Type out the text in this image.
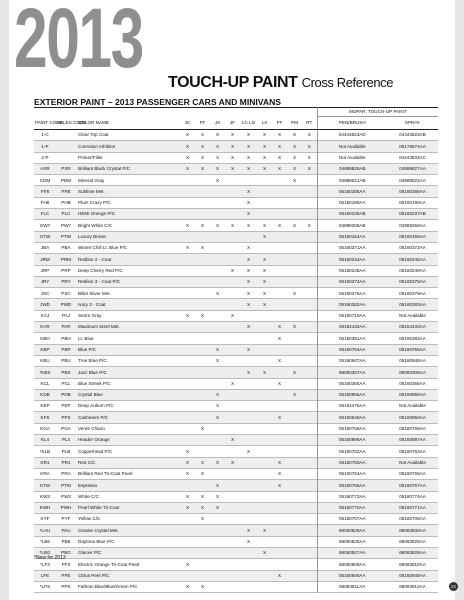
2013 TOUCH-UP PAINT Cross Reference
EXTERIOR PAINT – 2013 PASSENGER CARS AND MINIVANS
												MOPAR, TOUCH-UP PAINT	
PAINT CODE	SALES CODE	COLOR NAME	JC	FF	JS	JF	LC LD	LX	FF	PM	RT	PEN/BRUSH	SPRAY
1-C		Clear Top Coat	X	X	X	X	X	X	X	X	X	04443623AD	04443623AB
1-P		Corrosion Inhibitor	X	X	X	X	X	X	X	X	X	Not Available	05178874AA
2-P		Primer/Filler	X	X	X	X	X	X	X	X	X	Not Available	04443633AC
AXR	PXR	Brilliant Black Crystal P/C	X	X	X	X	X	X	X	X	X	04889826AB	04889827AA
CDM	PDM	Mineral Gray			X					X		04889021AB	04889022AA
FF8	PFB	Sublime Met.					X					05160385AA	05160386AA
FH8	PHB	Plum Crazy P/C					X					05160189AA	05160190AA
FLC	PLC	HEMI Orange P/C					X					05160236AB	05160237AB
GW7	PW7	Bright White C/C	X	X	X	X	X	X	X	X	X	04889258AB	04889259AA
GTW	PTW	Luxury Brown						X				05160154AA	05160155AA
JBA	PBA	Winter Chill Lt. Blue P/C	X	X			X					05160371AA	05160372AA
JRM	PRM	Redline 2 - Coat					X	X				05160244AA	05160245AA
JRP	PRP	Deep Cherry Red P/C				X	X	X				05160248AA	05160249AA
JRY	PRY	Redline 3 - Coat P/C					X	X				05160374AA	05160375AA
JSC	PSC	Billet Silver Met.			X		X	X		X		05160378AA	05160379AA
JWD	PWD	Ivory 3 - Coat					X	X				05160382AA	05160383AA
KAJ	PAJ	Storm Gray	X	X		X						05160710AA	Not Available
KAR	PAR	Maximum Steel Met.					X		X	X		06154432AA	06154433AA
KBH	PBH	Lt. Blue							X			05160381AA	05160383AA
KBP	PBP	Blue P/C			X		X					05160754AA	05160755AA
KBU	PBU	True Blue P/C			X				X			05160947AA	05160948AA
*KBX	PBX	Jazz Blue P/C					X	X		X		68093307AA	68093308AA
KCL	PCL	Blue Streak P/C				X			X			05160365AA	05160366AA
KDB	PDB	Crystal Blue			X					X		05160955AA	05160956AA
KEP	PEP	Deep Auburn P/C			X							06154475AA	Not Available
KFS	PFS	Cashmere P/C			X				X			05160949AA	05160950AA
KGA	PGA	Verde Chiaro		X								05160758AA	05160759AA
KL4	PL4	Header Orange				X						05160996AA	05160997AA
*KLB	PLB	Copperhead P/C	X				X					05160762AA	05160763AA
KR1	PR1	Red C/C	X	X	X	X			X			05160760AA	Not Available
KRA	PRA	Brilliant Red Tri-Coat Pearl	X	X					X			05160764AA	05160765AA
KTM	PTM	Espresso			X				X			05160766AA	05160767AA
KW3	PW3	White C/C	X	X	X							05160772AA	05160774AA
KWH	PWH	Pearl White Tri-Coat	X	X	X							05160770AA	05160771AA
KYF	PYF	Yellow C/C		X								05160707AA	05160708AA
*LAU	PAU	Granite Crystal Met.					X	X				68093829AA	68093830AA
*LB6	PB6	Daytona Blue P/C					X					68093825AA	68093826AA
*LBG	PBG	Glacier P/C						X				68093827AA	68093828AA
*LF3	PF3	Electric Orange Tri-Coat Pearl	X									68093809AA	68093810AA
LFE	PFE	Citrus Peel P/C							X			05160948AA	05160949AA
*LPS	PPS	Fathom Blue/Blue/Green P/C	X	X								68093811AA	68093812AA
*New for 2013
22
